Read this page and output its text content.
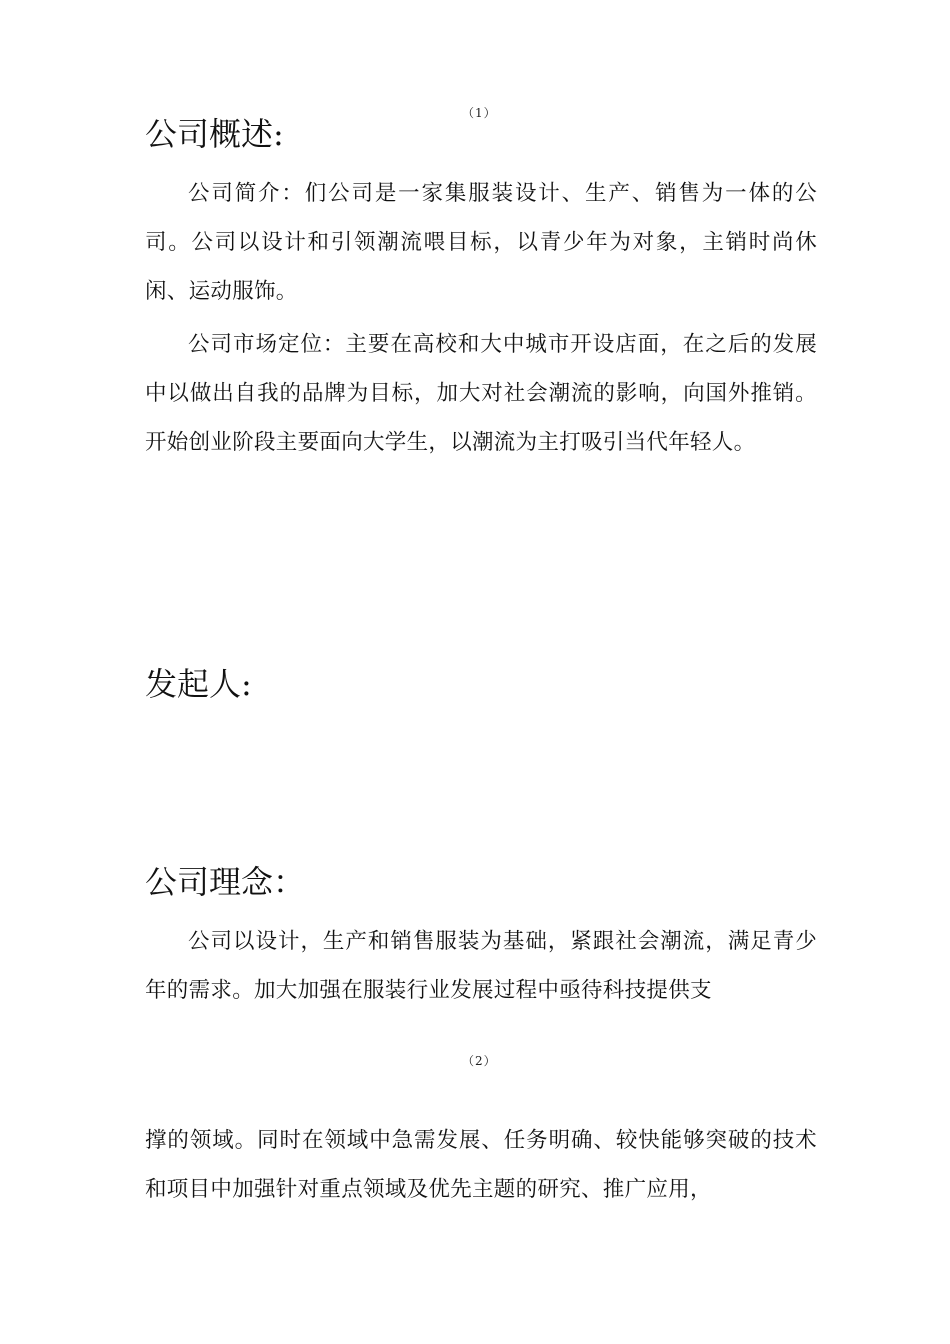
（1）
公司概述:

公司简介：们公司是一家集服装设计、生产、销售为一体的公司。公司以设计和引领潮流喂目标，以青少年为对象，主销时尚休闲、运动服饰。

公司市场定位：主要在高校和大中城市开设店面，在之后的发展中以做出自我的品牌为目标，加大对社会潮流的影响，向国外推销。开始创业阶段主要面向大学生，以潮流为主打吸引当代年轻人。

发起人:
公司理念：

公司以设计，生产和销售服装为基础，紧跟社会潮流，满足青少年的需求。加大加强在服装行业发展过程中亟待科技提供支

（2）

撑的领域。同时在领域中急需发展、任务明确、较快能够突破的技术和项目中加强针对重点领域及优先主题的研究、推广应用，
